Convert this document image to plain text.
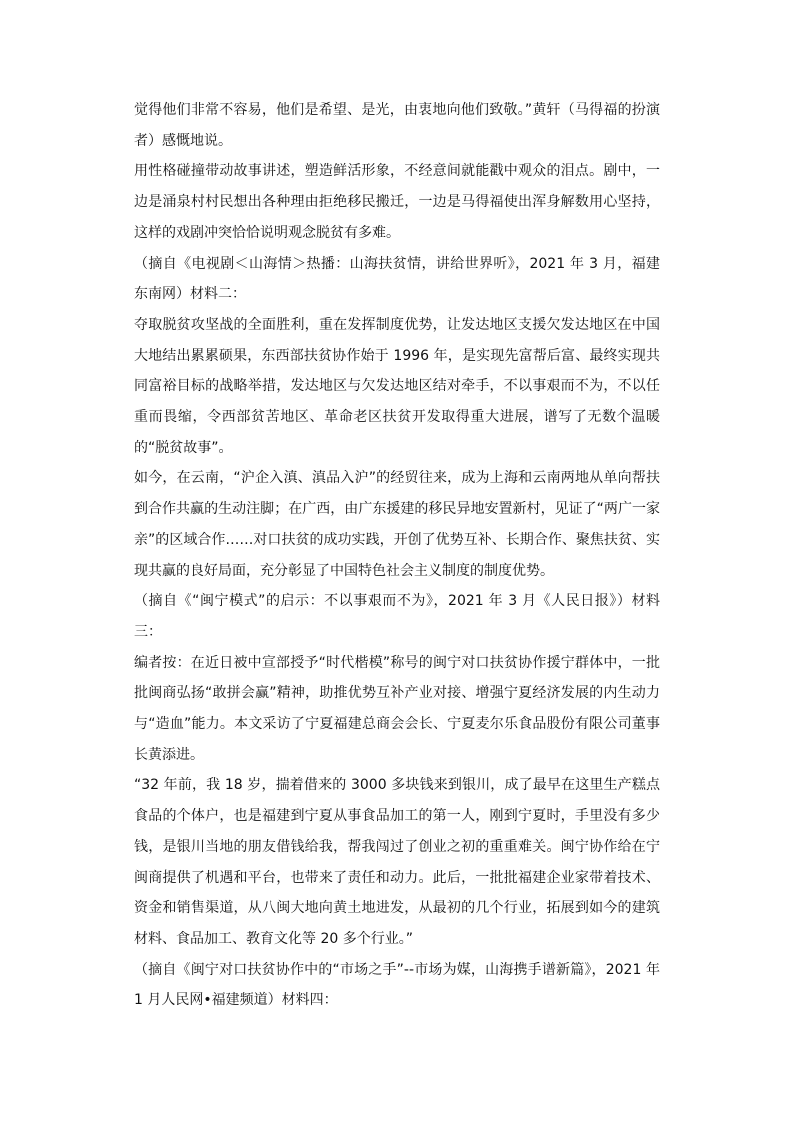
觉得他们非常不容易，他们是希望、是光，由衷地向他们致敬。”黄轩（马得福的扮演者）感慨地说。

用性格碰撞带动故事讲述，塑造鲜活形象，不经意间就能戳中观众的泪点。剧中，一边是涌泉村村民想出各种理由拒绝移民搬迁，一边是马得福使出浑身解数用心坚持，这样的戏剧冲突恰恰说明观念脱贫有多难。

（摘自《电视剧＜山海情＞热播：山海扶贫情，讲给世界听》，2021 年 3 月，福建东南网）材料二：

夺取脱贫攻坚战的全面胜利，重在发挥制度优势，让发达地区支援欠发达地区在中国大地结出累累硕果，东西部扶贫协作始于 1996 年，是实现先富帮后富、最终实现共同富裕目标的战略举措，发达地区与欠发达地区结对牵手，不以事艰而不为，不以任重而畏缩，令西部贫苦地区、革命老区扶贫开发取得重大进展，谱写了无数个温暖的“脱贫故事”。

如今，在云南，“沪企入滇、滇品入沪”的经贸往来，成为上海和云南两地从单向帮扶到合作共赢的生动注脚；在广西，由广东援建的移民异地安置新村，见证了“两广一家亲”的区域合作……对口扶贫的成功实践，开创了优势互补、长期合作、聚焦扶贫、实现共赢的良好局面，充分彰显了中国特色社会主义制度的制度优势。

（摘自《“闽宁模式”的启示：不以事艰而不为》，2021 年 3 月《人民日报》）材料三：

编者按：在近日被中宣部授予“时代楷模”称号的闽宁对口扶贫协作援宁群体中，一批批闽商弘扬“敢拼会赢”精神，助推优势互补产业对接、增强宁夏经济发展的内生动力与“造血”能力。本文采访了宁夏福建总商会会长、宁夏麦尔乐食品股份有限公司董事长黄添进。

“32 年前，我 18 岁，揣着借来的 3000 多块钱来到银川，成了最早在这里生产糕点食品的个体户，也是福建到宁夏从事食品加工的第一人，刚到宁夏时，手里没有多少钱，是银川当地的朋友借钱给我，帮我闯过了创业之初的重重难关。闽宁协作给在宁闽商提供了机遇和平台，也带来了责任和动力。此后，一批批福建企业家带着技术、资金和销售渠道，从八闽大地向黄土地进发，从最初的几个行业，拓展到如今的建筑材料、食品加工、教育文化等 20 多个行业。”

（摘自《闽宁对口扶贫协作中的“市场之手”--市场为媒，山海携手谱新篇》，2021 年 1 月人民网•福建频道）材料四：
